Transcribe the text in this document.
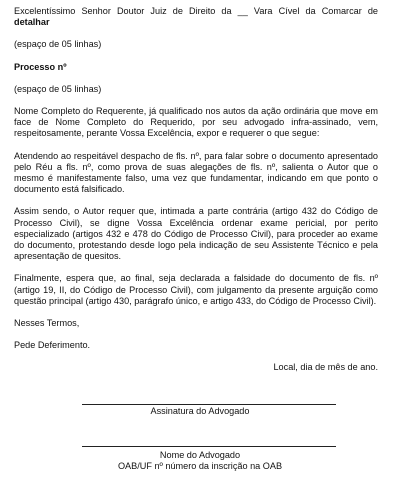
Excelentíssimo Senhor Doutor Juiz de Direito da __ Vara Cível da Comarcar de

detalhar

(espaço de 05 linhas)

Processo nº

(espaço de 05 linhas)

Nome Completo do Requerente, já qualificado nos autos da ação ordinária que move em face de Nome Completo do Requerido, por seu advogado infra-assinado, vem, respeitosamente, perante Vossa Excelência, expor e requerer o que segue:

Atendendo ao respeitável despacho de fls. nº, para falar sobre o documento apresentado pelo Réu a fls. nº, como prova de suas alegações de fls. nº, salienta o Autor que o mesmo é manifestamente falso, uma vez que fundamentar, indicando em que ponto o documento está falsificado.

Assim sendo, o Autor requer que, intimada a parte contrária (artigo 432 do Código de Processo Civil), se digne Vossa Excelência ordenar exame pericial, por perito especializado (artigos 432 e 478 do Código de Processo Civil), para proceder ao exame do documento, protestando desde logo pela indicação de seu Assistente Técnico e pela apresentação de quesitos.

Finalmente, espera que, ao final, seja declarada a falsidade do documento de fls. nº (artigo 19, II, do Código de Processo Civil), com julgamento da presente arguição como questão principal (artigo 430, parágrafo único, e artigo 433, do Código de Processo Civil).

Nesses Termos,

Pede Deferimento.

Local, dia de mês de ano.

Assinatura do Advogado
Nome do Advogado
OAB/UF nº número da inscrição na OAB
